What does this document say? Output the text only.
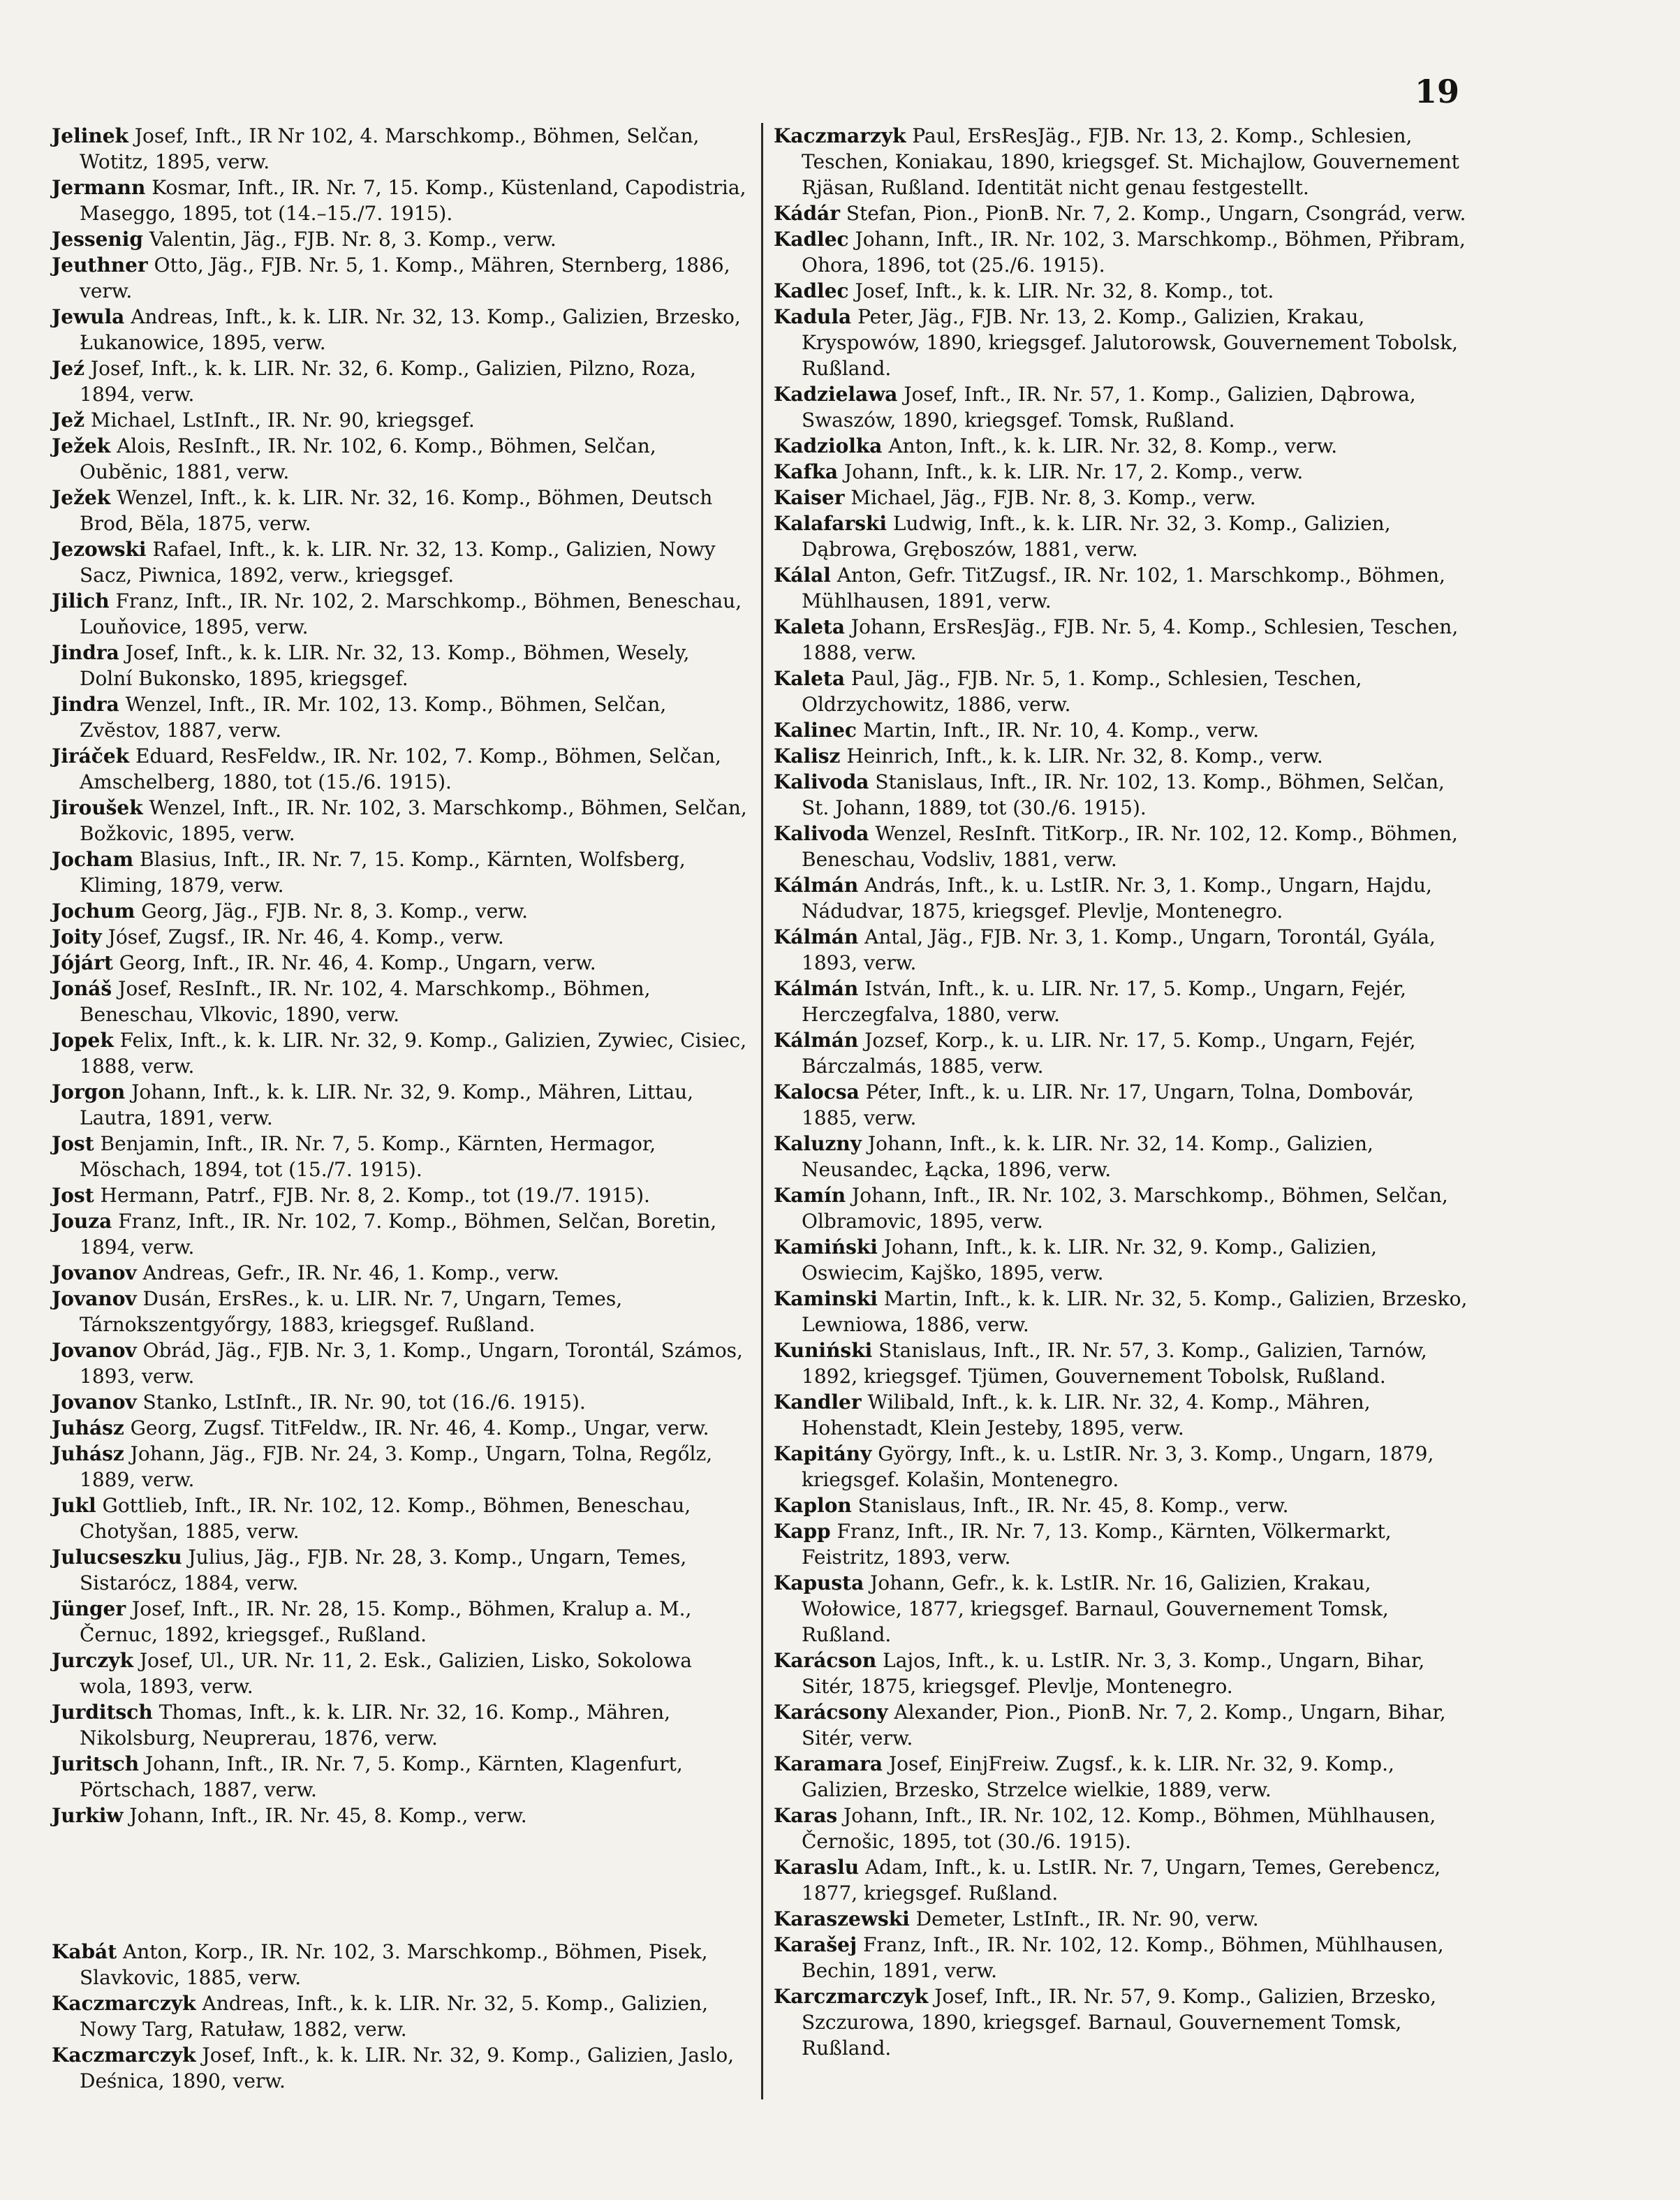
19

Jelinek Josef, Inft., IR Nr 102, 4. Marschkomp., Böhmen, Selčan, Wotitz, 1895, verw.

Jermann Kosmar, Inft., IR. Nr. 7, 15. Komp., Küstenland, Capodistria, Maseggo, 1895, tot (14.–15./7. 1915).

Jessenig Valentin, Jäg., FJB. Nr. 8, 3. Komp., verw.

Jeuthner Otto, Jäg., FJB. Nr. 5, 1. Komp., Mähren, Sternberg, 1886, verw.

Jewula Andreas, Inft., k. k. LIR. Nr. 32, 13. Komp., Galizien, Brzesko, Łukanowice, 1895, verw.

Jeź Josef, Inft., k. k. LIR. Nr. 32, 6. Komp., Galizien, Pilzno, Roza, 1894, verw.

Jež Michael, LstInft., IR. Nr. 90, kriegsgef.

Ježek Alois, ResInft., IR. Nr. 102, 6. Komp., Böhmen, Selčan, Oubĕnic, 1881, verw.

Ježek Wenzel, Inft., k. k. LIR. Nr. 32, 16. Komp., Böhmen, Deutsch Brod, Bĕla, 1875, verw.

Jezowski Rafael, Inft., k. k. LIR. Nr. 32, 13. Komp., Galizien, Nowy Sacz, Piwnica, 1892, verw., kriegsgef.

Jilich Franz, Inft., IR. Nr. 102, 2. Marschkomp., Böhmen, Beneschau, Louňovice, 1895, verw.

Jindra Josef, Inft., k. k. LIR. Nr. 32, 13. Komp., Böhmen, Wesely, Dolní Bukonsko, 1895, kriegsgef.

Jindra Wenzel, Inft., IR. Mr. 102, 13. Komp., Böhmen, Selčan, Zvĕstov, 1887, verw.

Jiráček Eduard, ResFeldw., IR. Nr. 102, 7. Komp., Böhmen, Selčan, Amschelberg, 1880, tot (15./6. 1915).

Jiroušek Wenzel, Inft., IR. Nr. 102, 3. Marschkomp., Böhmen, Selčan, Božkovic, 1895, verw.

Jocham Blasius, Inft., IR. Nr. 7, 15. Komp., Kärnten, Wolfsberg, Kliming, 1879, verw.

Jochum Georg, Jäg., FJB. Nr. 8, 3. Komp., verw.

Joity Jósef, Zugsf., IR. Nr. 46, 4. Komp., verw.

Jójárt Georg, Inft., IR. Nr. 46, 4. Komp., Ungarn, verw.

Jonáš Josef, ResInft., IR. Nr. 102, 4. Marschkomp., Böhmen, Beneschau, Vlkovic, 1890, verw.

Jopek Felix, Inft., k. k. LIR. Nr. 32, 9. Komp., Galizien, Zywiec, Cisiec, 1888, verw.

Jorgon Johann, Inft., k. k. LIR. Nr. 32, 9. Komp., Mähren, Littau, Lautra, 1891, verw.

Jost Benjamin, Inft., IR. Nr. 7, 5. Komp., Kärnten, Hermagor, Möschach, 1894, tot (15./7. 1915).

Jost Hermann, Patrf., FJB. Nr. 8, 2. Komp., tot (19./7. 1915).

Jouza Franz, Inft., IR. Nr. 102, 7. Komp., Böhmen, Selčan, Boretin, 1894, verw.

Jovanov Andreas, Gefr., IR. Nr. 46, 1. Komp., verw.

Jovanov Dusán, ErsRes., k. u. LIR. Nr. 7, Ungarn, Temes, Tárnokszentgyőrgy, 1883, kriegsgef. Rußland.

Jovanov Obrád, Jäg., FJB. Nr. 3, 1. Komp., Ungarn, Torontál, Számos, 1893, verw.

Jovanov Stanko, LstInft., IR. Nr. 90, tot (16./6. 1915).

Juhász Georg, Zugsf. TitFeldw., IR. Nr. 46, 4. Komp., Ungar, verw.

Juhász Johann, Jäg., FJB. Nr. 24, 3. Komp., Ungarn, Tolna, Regőlz, 1889, verw.

Jukl Gottlieb, Inft., IR. Nr. 102, 12. Komp., Böhmen, Beneschau, Chotyšan, 1885, verw.

Julucseszku Julius, Jäg., FJB. Nr. 28, 3. Komp., Ungarn, Temes, Sistarócz, 1884, verw.

Jünger Josef, Inft., IR. Nr. 28, 15. Komp., Böhmen, Kralup a. M., Černuc, 1892, kriegsgef., Rußland.

Jurczyk Josef, Ul., UR. Nr. 11, 2. Esk., Galizien, Lisko, Sokolowa wola, 1893, verw.

Jurditsch Thomas, Inft., k. k. LIR. Nr. 32, 16. Komp., Mähren, Nikolsburg, Neuprerau, 1876, verw.

Juritsch Johann, Inft., IR. Nr. 7, 5. Komp., Kärnten, Klagenfurt, Pörtschach, 1887, verw.

Jurkiw Johann, Inft., IR. Nr. 45, 8. Komp., verw.

Kabát Anton, Korp., IR. Nr. 102, 3. Marschkomp., Böhmen, Pisek, Slavkovic, 1885, verw.

Kaczmarczyk Andreas, Inft., k. k. LIR. Nr. 32, 5. Komp., Galizien, Nowy Targ, Ratuław, 1882, verw.

Kaczmarczyk Josef, Inft., k. k. LIR. Nr. 32, 9. Komp., Galizien, Jaslo, Deśnica, 1890, verw.

Kaczmarzyk Paul, ErsResJäg., FJB. Nr. 13, 2. Komp., Schlesien, Teschen, Koniakau, 1890, kriegsgef. St. Michajlow, Gouvernement Rjäsan, Rußland. Identität nicht genau festgestellt.

Kádár Stefan, Pion., PionB. Nr. 7, 2. Komp., Ungarn, Csongrád, verw.

Kadlec Johann, Inft., IR. Nr. 102, 3. Marschkomp., Böhmen, Přibram, Ohora, 1896, tot (25./6. 1915).

Kadlec Josef, Inft., k. k. LIR. Nr. 32, 8. Komp., tot.

Kadula Peter, Jäg., FJB. Nr. 13, 2. Komp., Galizien, Krakau, Kryspowów, 1890, kriegsgef. Jalutorowsk, Gouvernement Tobolsk, Rußland.

Kadzielawa Josef, Inft., IR. Nr. 57, 1. Komp., Galizien, Dąbrowa, Swaszów, 1890, kriegsgef. Tomsk, Rußland.

Kadziolka Anton, Inft., k. k. LIR. Nr. 32, 8. Komp., verw.

Kafka Johann, Inft., k. k. LIR. Nr. 17, 2. Komp., verw.

Kaiser Michael, Jäg., FJB. Nr. 8, 3. Komp., verw.

Kalafarski Ludwig, Inft., k. k. LIR. Nr. 32, 3. Komp., Galizien, Dąbrowa, Gręboszów, 1881, verw.

Kálal Anton, Gefr. TitZugsf., IR. Nr. 102, 1. Marschkomp., Böhmen, Mühlhausen, 1891, verw.

Kaleta Johann, ErsResJäg., FJB. Nr. 5, 4. Komp., Schlesien, Teschen, 1888, verw.

Kaleta Paul, Jäg., FJB. Nr. 5, 1. Komp., Schlesien, Teschen, Oldrzychowitz, 1886, verw.

Kalinec Martin, Inft., IR. Nr. 10, 4. Komp., verw.

Kalisz Heinrich, Inft., k. k. LIR. Nr. 32, 8. Komp., verw.

Kalivoda Stanislaus, Inft., IR. Nr. 102, 13. Komp., Böhmen, Selčan, St. Johann, 1889, tot (30./6. 1915).

Kalivoda Wenzel, ResInft. TitKorp., IR. Nr. 102, 12. Komp., Böhmen, Beneschau, Vodsliv, 1881, verw.

Kálmán András, Inft., k. u. LstIR. Nr. 3, 1. Komp., Ungarn, Hajdu, Nádudvar, 1875, kriegsgef. Plevlje, Montenegro.

Kálmán Antal, Jäg., FJB. Nr. 3, 1. Komp., Ungarn, Torontál, Gyála, 1893, verw.

Kálmán István, Inft., k. u. LIR. Nr. 17, 5. Komp., Ungarn, Fejér, Herczegfalva, 1880, verw.

Kálmán Jozsef, Korp., k. u. LIR. Nr. 17, 5. Komp., Ungarn, Fejér, Bárczalmás, 1885, verw.

Kalocsa Péter, Inft., k. u. LIR. Nr. 17, Ungarn, Tolna, Dombovár, 1885, verw.

Kaluzny Johann, Inft., k. k. LIR. Nr. 32, 14. Komp., Galizien, Neusandec, Łącka, 1896, verw.

Kamín Johann, Inft., IR. Nr. 102, 3. Marschkomp., Böhmen, Selčan, Olbramovic, 1895, verw.

Kamiński Johann, Inft., k. k. LIR. Nr. 32, 9. Komp., Galizien, Oswiecim, Kajško, 1895, verw.

Kaminski Martin, Inft., k. k. LIR. Nr. 32, 5. Komp., Galizien, Brzesko, Lewniowa, 1886, verw.

Kuniński Stanislaus, Inft., IR. Nr. 57, 3. Komp., Galizien, Tarnów, 1892, kriegsgef. Tjümen, Gouvernement Tobolsk, Rußland.

Kandler Wilibald, Inft., k. k. LIR. Nr. 32, 4. Komp., Mähren, Hohenstadt, Klein Jesteby, 1895, verw.

Kapitány György, Inft., k. u. LstIR. Nr. 3, 3. Komp., Ungarn, 1879, kriegsgef. Kolašin, Montenegro.

Kaplon Stanislaus, Inft., IR. Nr. 45, 8. Komp., verw.

Kapp Franz, Inft., IR. Nr. 7, 13. Komp., Kärnten, Völkermarkt, Feistritz, 1893, verw.

Kapusta Johann, Gefr., k. k. LstIR. Nr. 16, Galizien, Krakau, Wołowice, 1877, kriegsgef. Barnaul, Gouvernement Tomsk, Rußland.

Karácson Lajos, Inft., k. u. LstIR. Nr. 3, 3. Komp., Ungarn, Bihar, Sitér, 1875, kriegsgef. Plevlje, Montenegro.

Karácsony Alexander, Pion., PionB. Nr. 7, 2. Komp., Ungarn, Bihar, Sitér, verw.

Karamara Josef, EinjFreiw. Zugsf., k. k. LIR. Nr. 32, 9. Komp., Galizien, Brzesko, Strzelce wielkie, 1889, verw.

Karas Johann, Inft., IR. Nr. 102, 12. Komp., Böhmen, Mühlhausen, Černošic, 1895, tot (30./6. 1915).

Karaslu Adam, Inft., k. u. LstIR. Nr. 7, Ungarn, Temes, Gerebencz, 1877, kriegsgef. Rußland.

Karaszewski Demeter, LstInft., IR. Nr. 90, verw.

Karašej Franz, Inft., IR. Nr. 102, 12. Komp., Böhmen, Mühlhausen, Bechin, 1891, verw.

Karczmarczyk Josef, Inft., IR. Nr. 57, 9. Komp., Galizien, Brzesko, Szczurowa, 1890, kriegsgef. Barnaul, Gouvernement Tomsk, Rußland.
